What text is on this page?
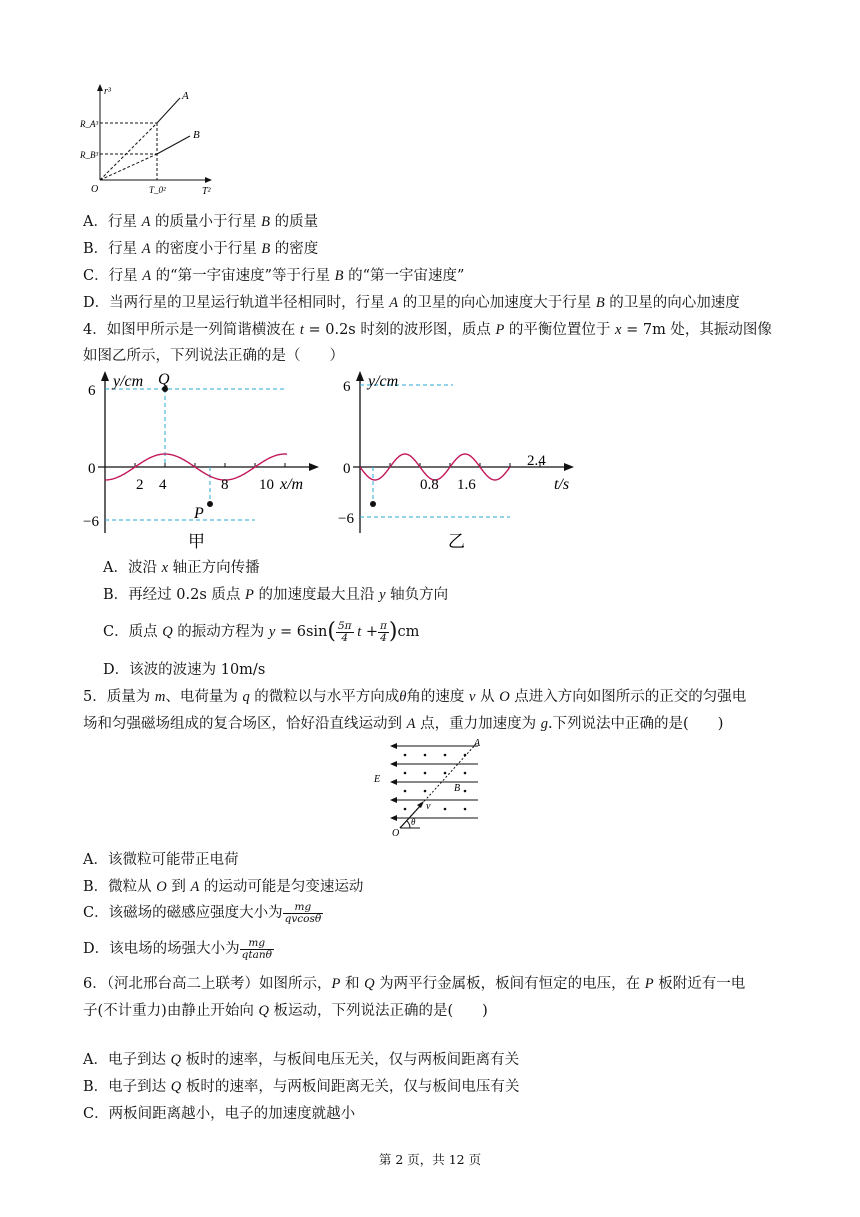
r³
T²
O
A
B
R_A³
R_B³
T_0²
A．行星 A 的质量小于行星 B 的质量
B．行星 A 的密度小于行星 B 的密度
C．行星 A 的“第一宇宙速度”等于行星 B 的“第一宇宙速度”
D．当两行星的卫星运行轨道半径相同时，行星 A 的卫星的向心加速度大于行星 B 的卫星的向心加速度
4．如图甲所示是一列简谐横波在 t = 0.2s 时刻的波形图，质点 P 的平衡位置位于 x = 7m 处，其振动图像
如图乙所示，下列说法正确的是（　　）
y/cm
6
0
−6
2 4	8 10 x/m
Q
P
甲
y/cm
6
0
−6
0.8 1.6
2.4
t/s
乙
A．波沿 x 轴正方向传播
B．再经过 0.2s 质点 P 的加速度最大且沿 y 轴负方向
C．质点 Q 的振动方程为 $y = 6\sin( \frac{5\pi}{4}$ $t + \frac{\pi}{4} )cm$
D．该波的波速为 10m/s
5．质量为 m、电荷量为 q 的微粒以与水平方向成θ角的速度 v 从 O 点进入方向如图所示的正交的匀强电
场和匀强磁场组成的复合场区，恰好沿直线运动到 A 点，重力加速度为 g.下列说法中正确的是(　　)
E
A
B
v
O
θ
A．该微粒可能带正电荷
B．微粒从 O 到 A 的运动可能是匀变速运动
C．该磁场的磁感应强度大小为 $\frac{mg}{qvcos\theta}$
D．该电场的场强大小为 $\frac{mg}{qtan\theta}$
6．（河北邢台高二上联考）如图所示，P 和 Q 为两平行金属板，板间有恒定的电压，在 P 板附近有一电
子(不计重力)由静止开始向 Q 板运动，下列说法正确的是(　　)
A．电子到达 Q 板时的速率，与板间电压无关，仅与两板间距离有关
B．电子到达 Q 板时的速率，与两板间距离无关，仅与板间电压有关
C．两板间距离越小，电子的加速度就越小
第 2 页，共 12 页
